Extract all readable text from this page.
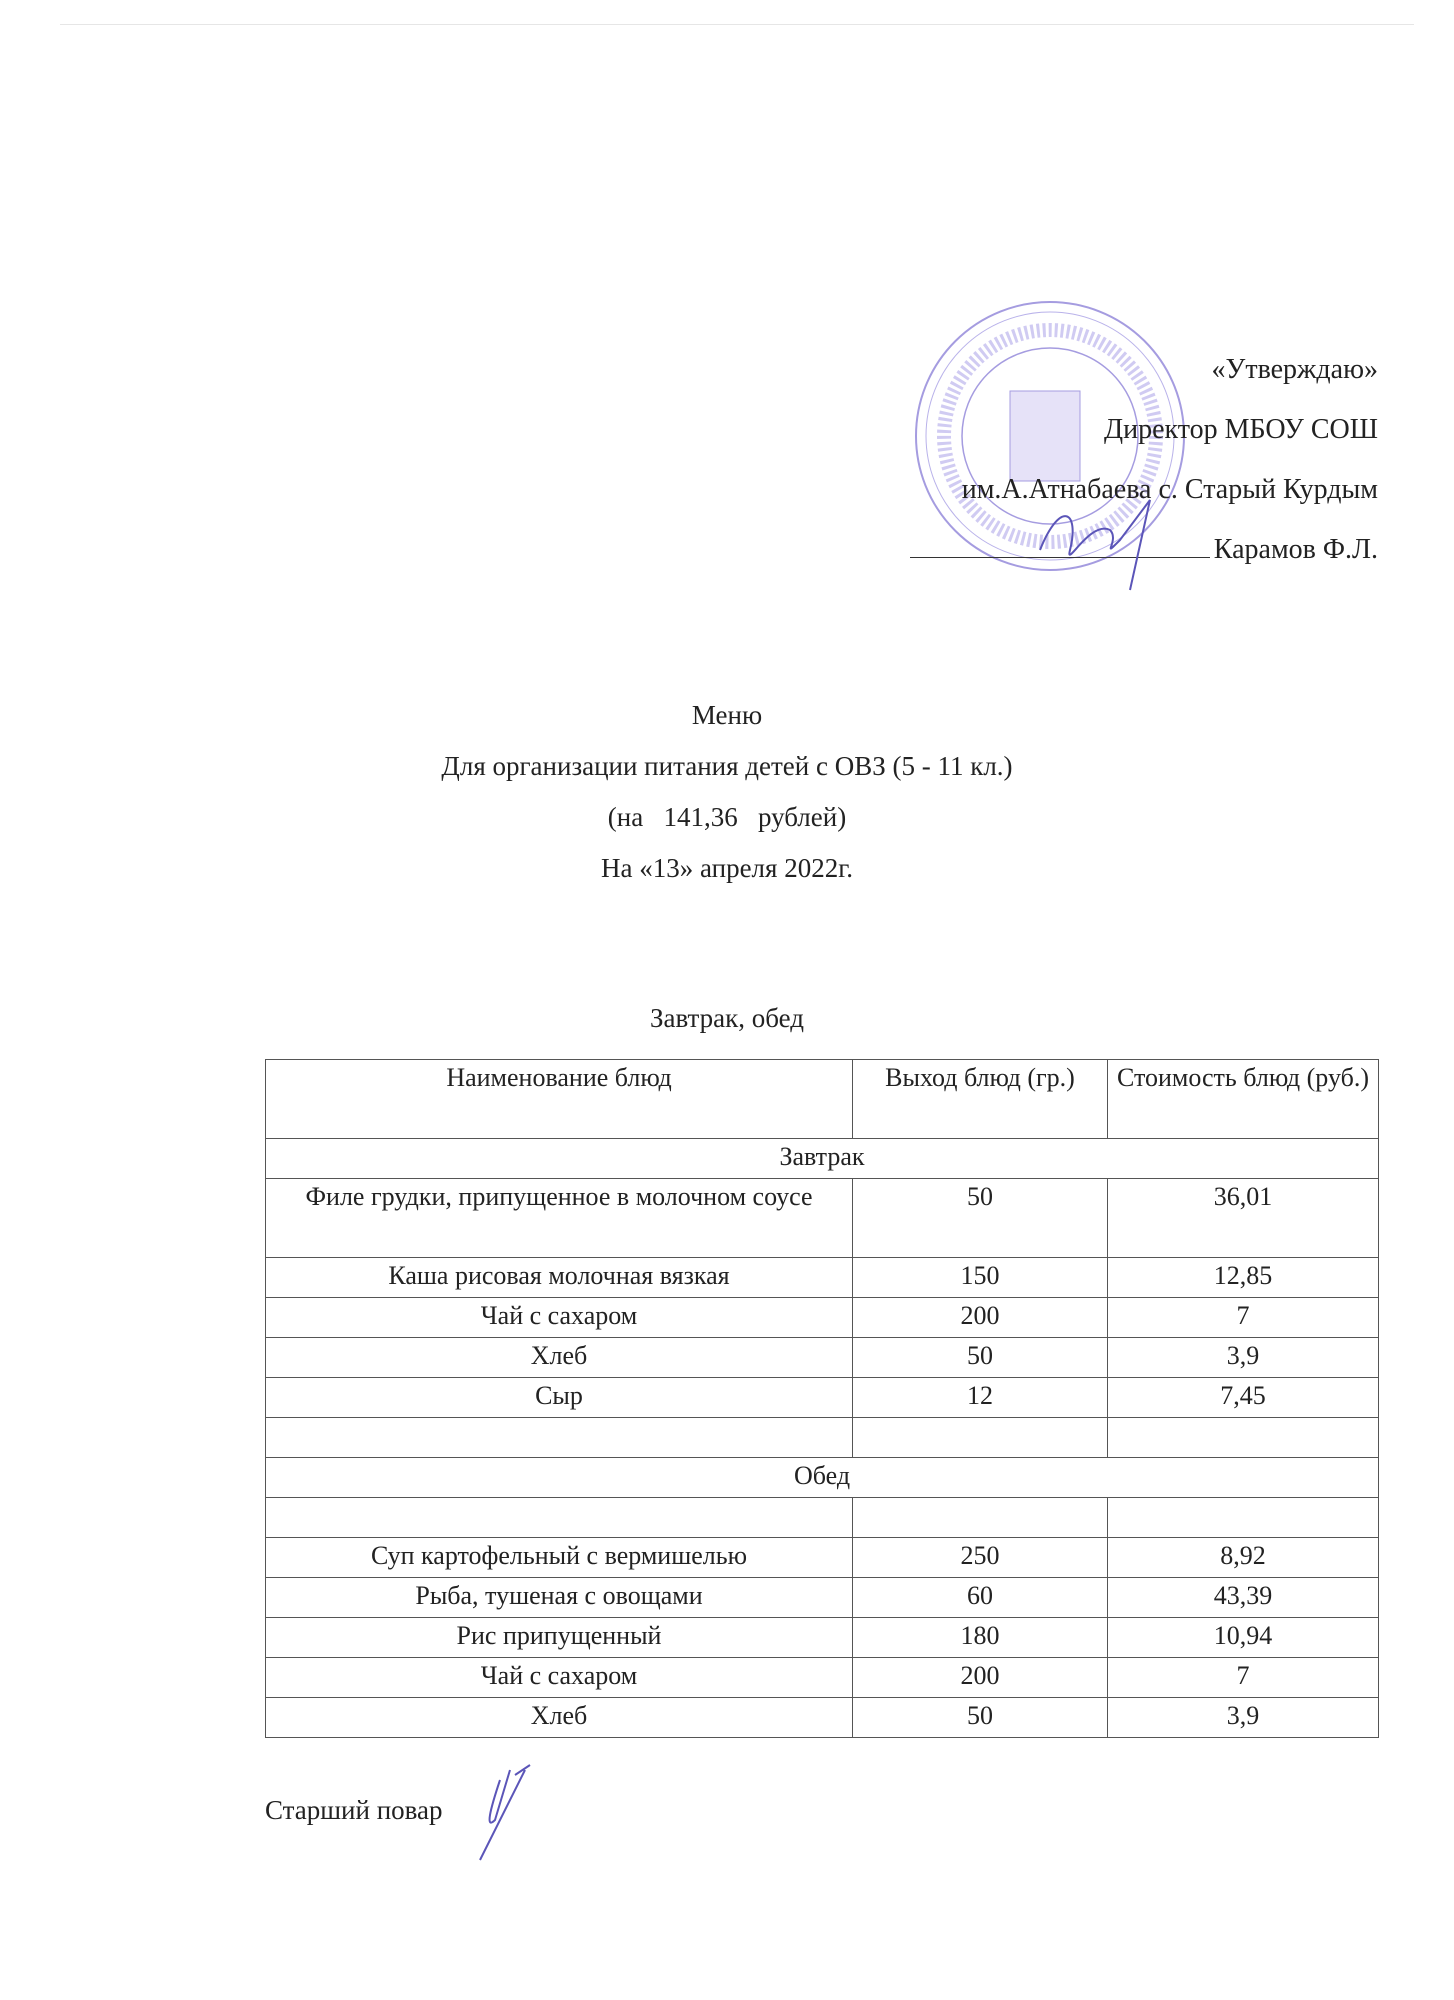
«Утверждаю»
Директор МБОУ СОШ
им.А.Атнабаева с. Старый Курдым
Карамов Ф.Л.
Меню
Для организации питания детей с ОВЗ (5 - 11 кл.)
(на   141,36   рублей)
На «13» апреля 2022г.
Завтрак, обед
Наименование блюд	Выход блюд (гр.)	Стоимость блюд (руб.)
Завтрак		
Филе грудки, припущенное в молочном соусе	50	36,01
Каша рисовая молочная вязкая	150	12,85
Чай с сахаром	200	7
Хлеб	50	3,9
Сыр	12	7,45

Обед		

Суп картофельный с вермишелью	250	8,92
Рыба, тушеная с овощами	60	43,39
Рис припущенный	180	10,94
Чай с сахаром	200	7
Хлеб	50	3,9
Старший повар
